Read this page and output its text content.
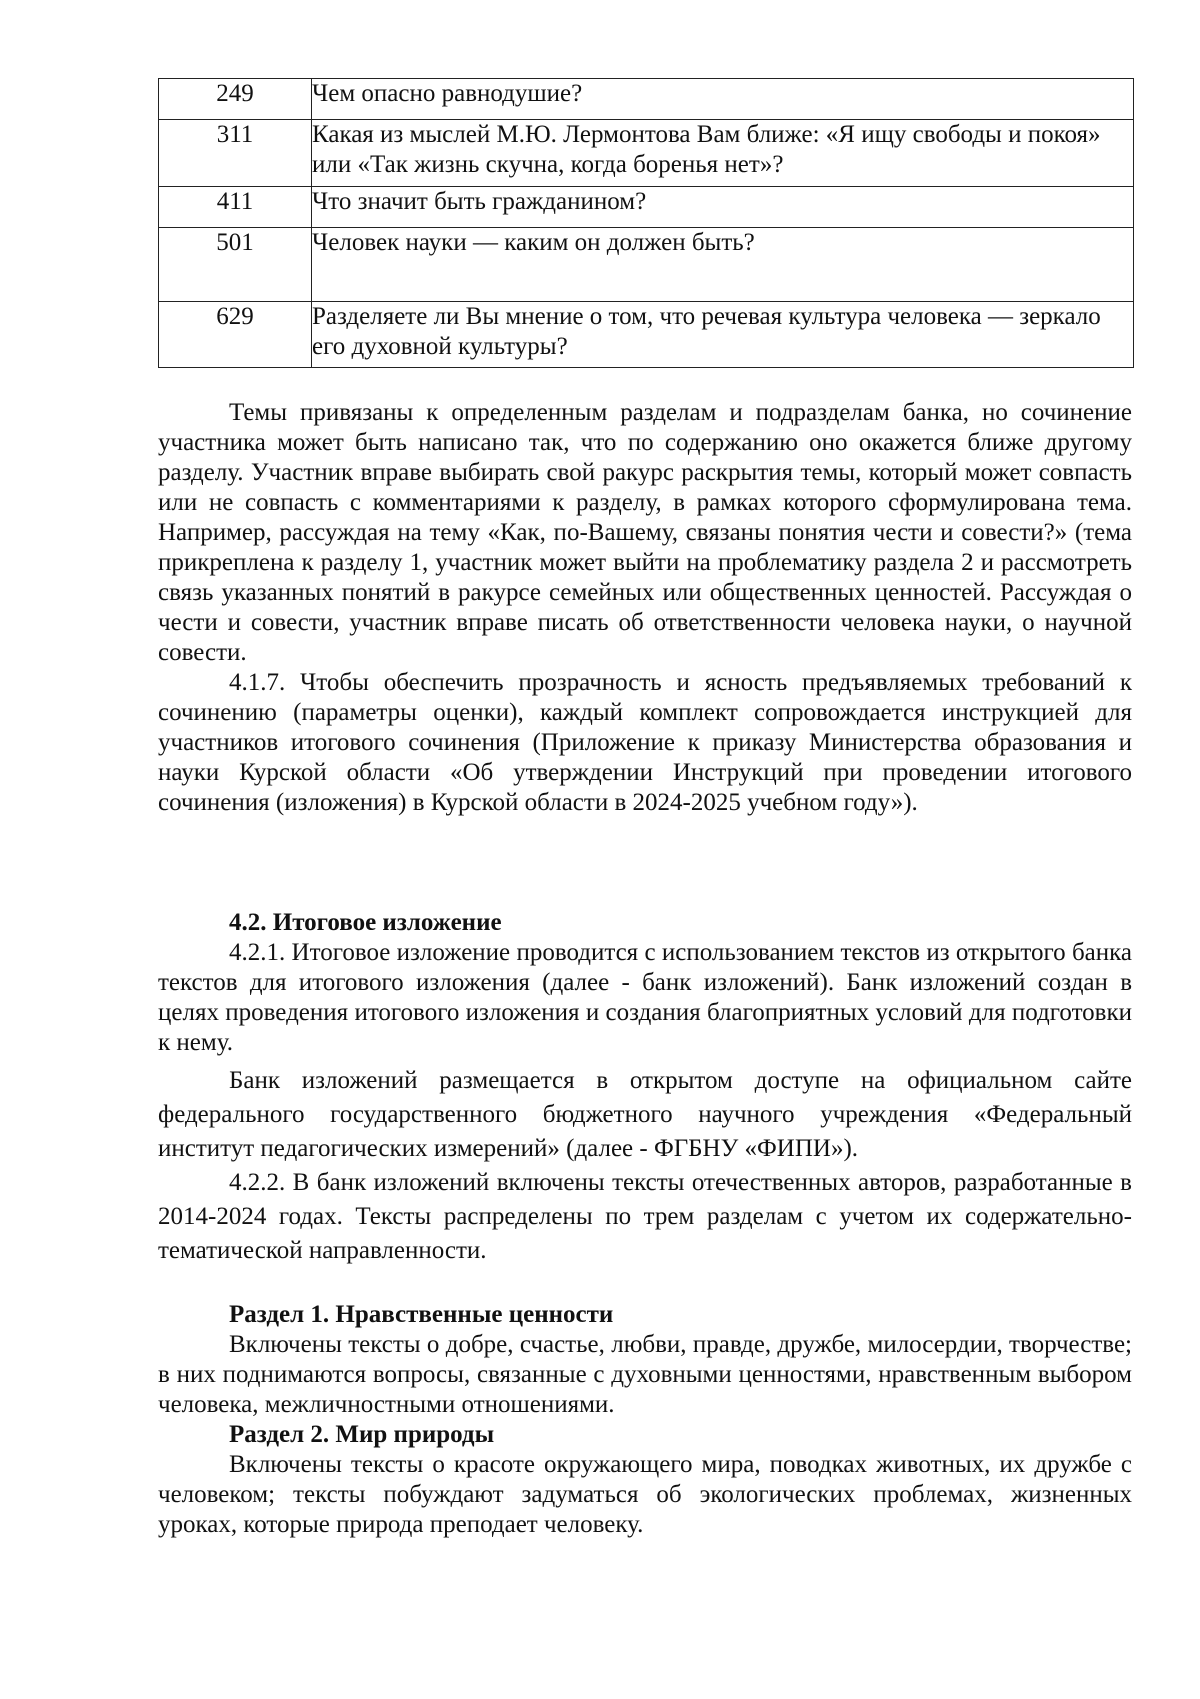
249	Чем опасно равнодушие?
311	Какая из мыслей М.Ю. Лермонтова Вам ближе: «Я ищу свободы и покоя» или «Так жизнь скучна, когда боренья нет»?
411	Что значит быть гражданином?
501	Человек науки — каким он должен быть?
629	Разделяете ли Вы мнение о том, что речевая культура человека — зеркало его духовной культуры?

Темы привязаны к определенным разделам и подразделам банка, но сочинение участника может быть написано так, что по содержанию оно окажется ближе другому разделу. Участник вправе выбирать свой ракурс раскрытия темы, который может совпасть или не совпасть с комментариями к разделу, в рамках которого сформулирована тема. Например, рассуждая на тему «Как, по-Вашему, связаны понятия чести и совести?» (тема прикреплена к разделу 1, участник может выйти на проблематику раздела 2 и рассмотреть связь указанных понятий в ракурсе семейных или общественных ценностей. Рассуждая о чести и совести, участник вправе писать об ответственности человека науки, о научной совести.

4.1.7. Чтобы обеспечить прозрачность и ясность предъявляемых требований к сочинению (параметры оценки), каждый комплект сопровождается инструкцией для участников итогового сочинения (Приложение к приказу Министерства образования и науки Курской области «Об утверждении Инструкций при проведении итогового сочинения (изложения) в Курской области в 2024-2025 учебном году»).

4.2. Итоговое изложение

4.2.1. Итоговое изложение проводится с использованием текстов из открытого банка текстов для итогового изложения (далее - банк изложений). Банк изложений создан в целях проведения итогового изложения и создания благоприятных условий для подготовки к нему.

Банк изложений размещается в открытом доступе на официальном сайте федерального государственного бюджетного научного учреждения «Федеральный институт педагогических измерений» (далее - ФГБНУ «ФИПИ»).

4.2.2. В банк изложений включены тексты отечественных авторов, разработанные в 2014-2024 годах. Тексты распределены по трем разделам с учетом их содержательно-тематической направленности.

Раздел 1. Нравственные ценности

Включены тексты о добре, счастье, любви, правде, дружбе, милосердии, творчестве; в них поднимаются вопросы, связанные с духовными ценностями, нравственным выбором человека, межличностными отношениями.

Раздел 2. Мир природы

Включены тексты о красоте окружающего мира, поводках животных, их дружбе с человеком; тексты побуждают задуматься об экологических проблемах, жизненных уроках, которые природа преподает человеку.
